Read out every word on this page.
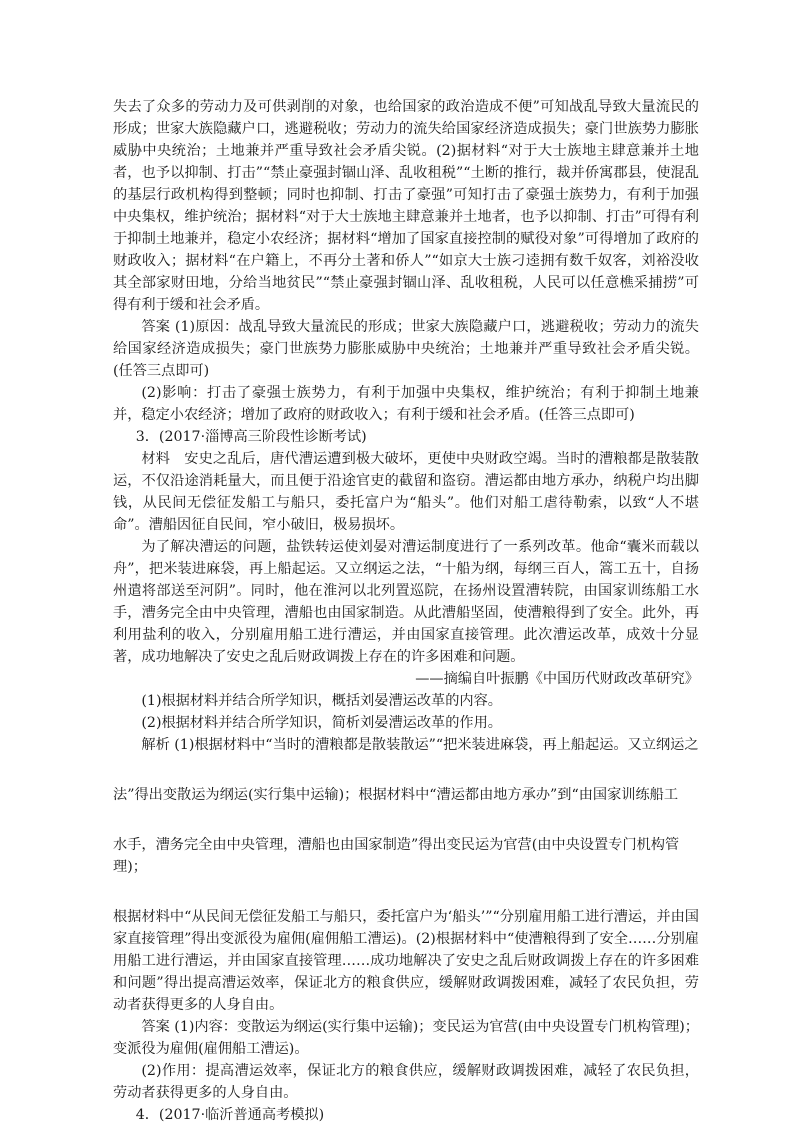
失去了众多的劳动力及可供剥削的对象，也给国家的政治造成不便”可知战乱导致大量流民的形成；世家大族隐藏户口，逃避税收；劳动力的流失给国家经济造成损失；豪门世族势力膨胀威胁中央统治；土地兼并严重导致社会矛盾尖锐。(2)据材料“对于大士族地主肆意兼并土地者，也予以抑制、打击”“禁止豪强封锢山泽、乱收租税”“土断的推行，裁并侨寓郡县，使混乱的基层行政机构得到整顿；同时也抑制、打击了豪强”可知打击了豪强士族势力，有利于加强中央集权，维护统治；据材料“对于大士族地主肆意兼并土地者，也予以抑制、打击”可得有利于抑制土地兼并，稳定小农经济；据材料“增加了国家直接控制的赋役对象”可得增加了政府的财政收入；据材料“在户籍上，不再分土著和侨人”“如京大士族刁逵拥有数千奴客，刘裕没收其全部家财田地，分给当地贫民”“禁止豪强封锢山泽、乱收租税，人民可以任意樵采捕捞”可得有利于缓和社会矛盾。

答案 (1)原因：战乱导致大量流民的形成；世家大族隐藏户口，逃避税收；劳动力的流失给国家经济造成损失；豪门世族势力膨胀威胁中央统治；土地兼并严重导致社会矛盾尖锐。(任答三点即可)

(2)影响：打击了豪强士族势力，有利于加强中央集权，维护统治；有利于抑制土地兼并，稳定小农经济；增加了政府的财政收入；有利于缓和社会矛盾。(任答三点即可)

3．(2017·淄博高三阶段性诊断考试)

材料　安史之乱后，唐代漕运遭到极大破坏，更使中央财政空竭。当时的漕粮都是散装散运，不仅沿途消耗量大，而且便于沿途官吏的截留和盗窃。漕运都由地方承办，纳税户均出脚钱，从民间无偿征发船工与船只，委托富户为“船头”。他们对船工虐待勒索，以致“人不堪命”。漕船因征自民间，窄小破旧，极易损坏。

为了解决漕运的问题，盐铁转运使刘晏对漕运制度进行了一系列改革。他命“囊米而载以舟”，把米装进麻袋，再上船起运。又立纲运之法，“十船为纲，每纲三百人，篙工五十，自扬州遣将部送至河阴”。同时，他在淮河以北列置巡院，在扬州设置漕转院，由国家训练船工水手，漕务完全由中央管理，漕船也由国家制造。从此漕船坚固，使漕粮得到了安全。此外，再利用盐利的收入，分别雇用船工进行漕运，并由国家直接管理。此次漕运改革，成效十分显著，成功地解决了安史之乱后财政调拨上存在的许多困难和问题。

——摘编自叶振鹏《中国历代财政改革研究》

(1)根据材料并结合所学知识，概括刘晏漕运改革的内容。

(2)根据材料并结合所学知识，简析刘晏漕运改革的作用。

解析 (1)根据材料中“当时的漕粮都是散装散运”“把米装进麻袋，再上船起运。又立纲运之

法”得出变散运为纲运(实行集中运输)；根据材料中“漕运都由地方承办”到“由国家训练船工

水手，漕务完全由中央管理，漕船也由国家制造”得出变民运为官营(由中央设置专门机构管理)；

根据材料中“从民间无偿征发船工与船只，委托富户为‘船头’”“分别雇用船工进行漕运，并由国家直接管理”得出变派役为雇佣(雇佣船工漕运)。(2)根据材料中“使漕粮得到了安全……分别雇用船工进行漕运，并由国家直接管理……成功地解决了安史之乱后财政调拨上存在的许多困难和问题”得出提高漕运效率，保证北方的粮食供应，缓解财政调拨困难，减轻了农民负担，劳动者获得更多的人身自由。

答案 (1)内容：变散运为纲运(实行集中运输)；变民运为官营(由中央设置专门机构管理)；变派役为雇佣(雇佣船工漕运)。

(2)作用：提高漕运效率，保证北方的粮食供应，缓解财政调拨困难，减轻了农民负担，劳动者获得更多的人身自由。

4．(2017·临沂普通高考模拟)
